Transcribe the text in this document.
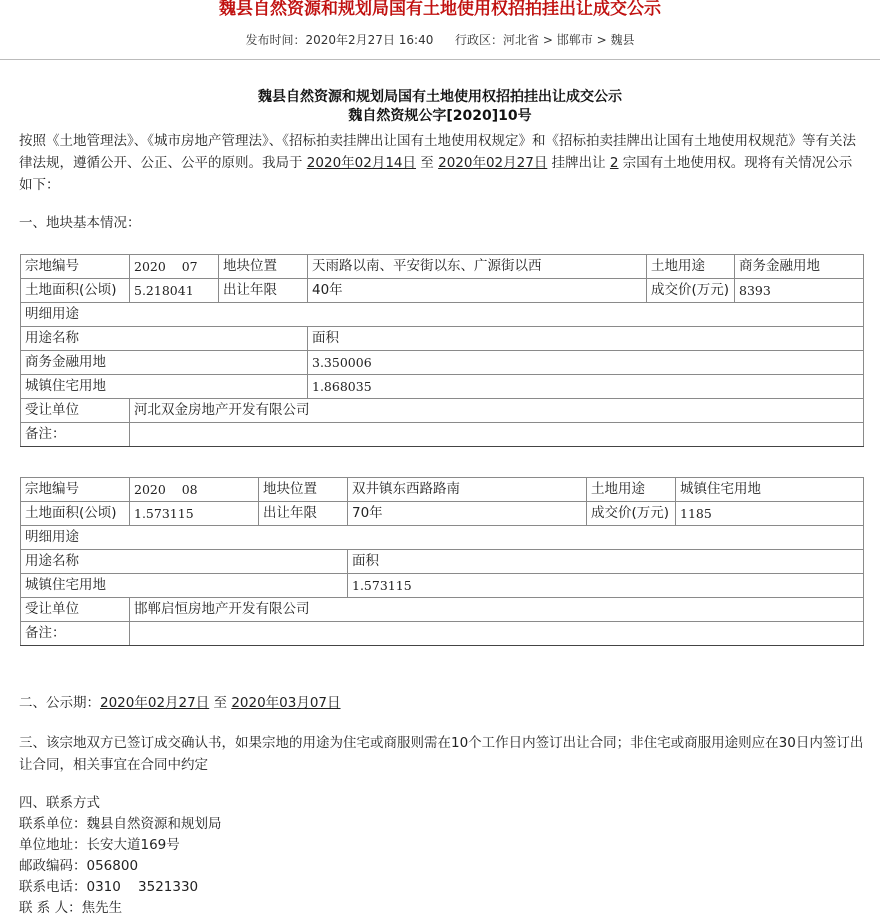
魏县自然资源和规划局国有土地使用权招拍挂出让成交公示
发布时间：2020年2月27日 16:40 行政区：河北省 > 邯郸市 > 魏县
魏县自然资源和规划局国有土地使用权招拍挂出让成交公示
魏自然资规公字[2020]10号
按照《土地管理法》、《城市房地产管理法》、《招标拍卖挂牌出让国有土地使用权规定》和《招标拍卖挂牌出让国有土地使用权规范》等有关法律法规，遵循公开、公正、公平的原则。我局于 2020年02月14日 至 2020年02月27日 挂牌出让 2 宗国有土地使用权。现将有关情况公示如下：
一、地块基本情况：
宗地编号	2020    07	地块位置	天雨路以南、平安街以东、广源街以西	土地用途	商务金融用地
土地面积(公顷)	5.218041	出让年限	40年	成交价(万元)	8393
明细用途					
用途名称			面积		
商务金融用地			3.350006		
城镇住宅用地			1.868035		
受让单位	河北双金房地产开发有限公司				
备注：					
宗地编号	2020    08	地块位置	双井镇东西路路南	土地用途	城镇住宅用地
土地面积(公顷)	1.573115	出让年限	70年	成交价(万元)	1185
明细用途					
用途名称			面积		
城镇住宅用地			1.573115		
受让单位	邯郸启恒房地产开发有限公司				
备注：					
二、公示期：2020年02月27日 至 2020年03月07日
三、该宗地双方已签订成交确认书，如果宗地的用途为住宅或商服则需在10个工作日内签订出让合同；非住宅或商服用途则应在30日内签订出让合同，相关事宜在合同中约定
四、联系方式
联系单位：魏县自然资源和规划局
单位地址：长安大道169号
邮政编码：056800
联系电话：0310    3521330
联 系 人：焦先生
